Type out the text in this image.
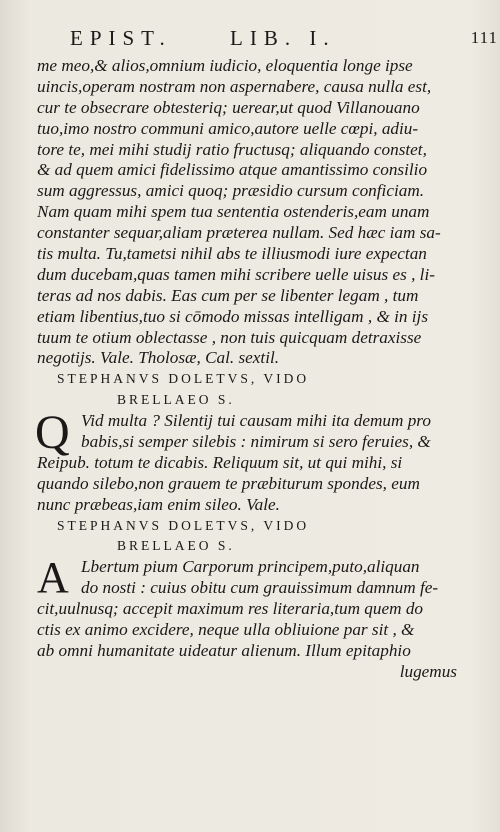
EPIST.	LIB. I.	111
me meo,& alios,omnium iudicio, eloquentia longe ipse
uincis,operam nostram non aspernabere, causa nulla est,
cur te obsecrare obtesteriq; uerear,ut quod Villanouano
tuo,imo nostro communi amico,autore uelle cœpi, adiu-
tore te, mei mihi studij ratio fructusq; aliquando constet,
& ad quem amici fidelissimo atque amantissimo consilio
sum aggressus, amici quoq; præsidio cursum conficiam.
Nam quam mihi spem tua sententia ostenderis,eam unam
constanter sequar,aliam præterea nullam. Sed hæc iam sa-
tis multa. Tu,tametsi nihil abs te illiusmodi iure expectan
dum ducebam,quas tamen mihi scribere uelle uisus es , li-
teras ad nos dabis. Eas cum per se libenter legam , tum
etiam libentius,tuo si cōmodo missas intelligam , & in ijs
tuum te otium oblectasse , non tuis quicquam detraxisse
negotijs. Vale. Tholosæ, Cal. sextil.
STEPHANVS DOLETVS, VIDO
BRELLAEO S.
Q Vid multa ? Silentij tui causam mihi ita demum pro
babis,si semper silebis : nimirum si sero feruies, &
Reipub. totum te dicabis. Reliquum sit, ut qui mihi, si
quando silebo,non grauem te præbiturum spondes, eum
nunc præbeas,iam enim sileo. Vale.
STEPHANVS DOLETVS, VIDO
BRELLAEO S.
A Lbertum pium Carporum principem,puto,aliquan
do nosti : cuius obitu cum grauissimum damnum fe-
cit,uulnusq; accepit maximum res literaria,tum quem do
ctis ex animo excidere, neque ulla obliuione par sit , &
ab omni humanitate uideatur alienum. Illum epitaphio
lugemus
